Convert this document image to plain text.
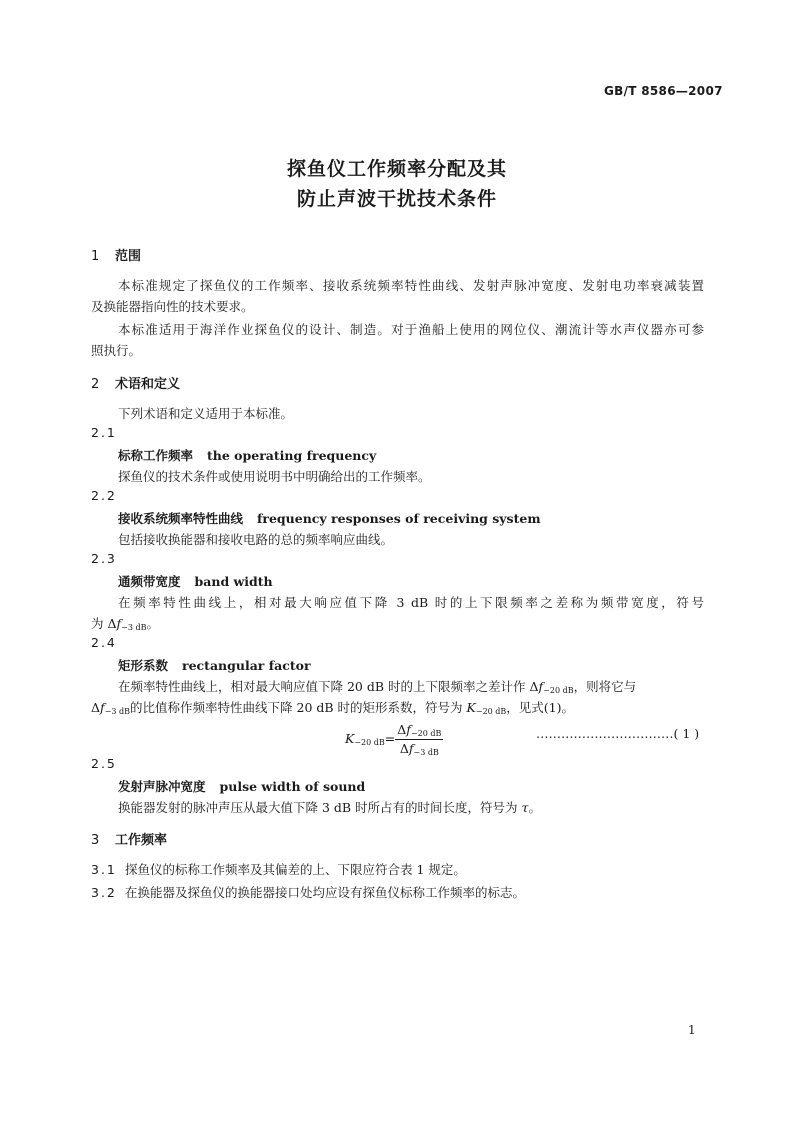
GB/T 8586—2007
探鱼仪工作频率分配及其
防止声波干扰技术条件
1 范围
本标准规定了探鱼仪的工作频率、接收系统频率特性曲线、发射声脉冲宽度、发射电功率衰减装置
及换能器指向性的技术要求。
本标准适用于海洋作业探鱼仪的设计、制造。对于渔船上使用的网位仪、潮流计等水声仪器亦可参
照执行。
2 术语和定义
下列术语和定义适用于本标准。
2.1
标称工作频率 the operating frequency
探鱼仪的技术条件或使用说明书中明确给出的工作频率。
2.2
接收系统频率特性曲线 frequency responses of receiving system
包括接收换能器和接收电路的总的频率响应曲线。
2.3
通频带宽度 band width
在频率特性曲线上，相对最大响应值下降 3 dB 时的上下限频率之差称为频带宽度，符号
为 $\Delta f_{-3 dB}$。
2.4
矩形系数 rectangular factor
在频率特性曲线上，相对最大响应值下降 20 dB 时的上下限频率之差计作 $\Delta f_{-20 dB}$，则将它与
$\Delta f_{-3 dB}$的比值称作频率特性曲线下降 20 dB 时的矩形系数，符号为 $K_{-20 dB}$，见式(1)。
$K_{-20 dB}= \frac{\Delta f_{-20 dB}}{\Delta f_{-3 dB}}$	……………………………( 1 )
2.5
发射声脉冲宽度 pulse width of sound
换能器发射的脉冲声压从最大值下降 3 dB 时所占有的时间长度，符号为 τ。
3 工作频率
3.1 探鱼仪的标称工作频率及其偏差的上、下限应符合表 1 规定。
3.2 在换能器及探鱼仪的换能器接口处均应设有探鱼仪标称工作频率的标志。
1
